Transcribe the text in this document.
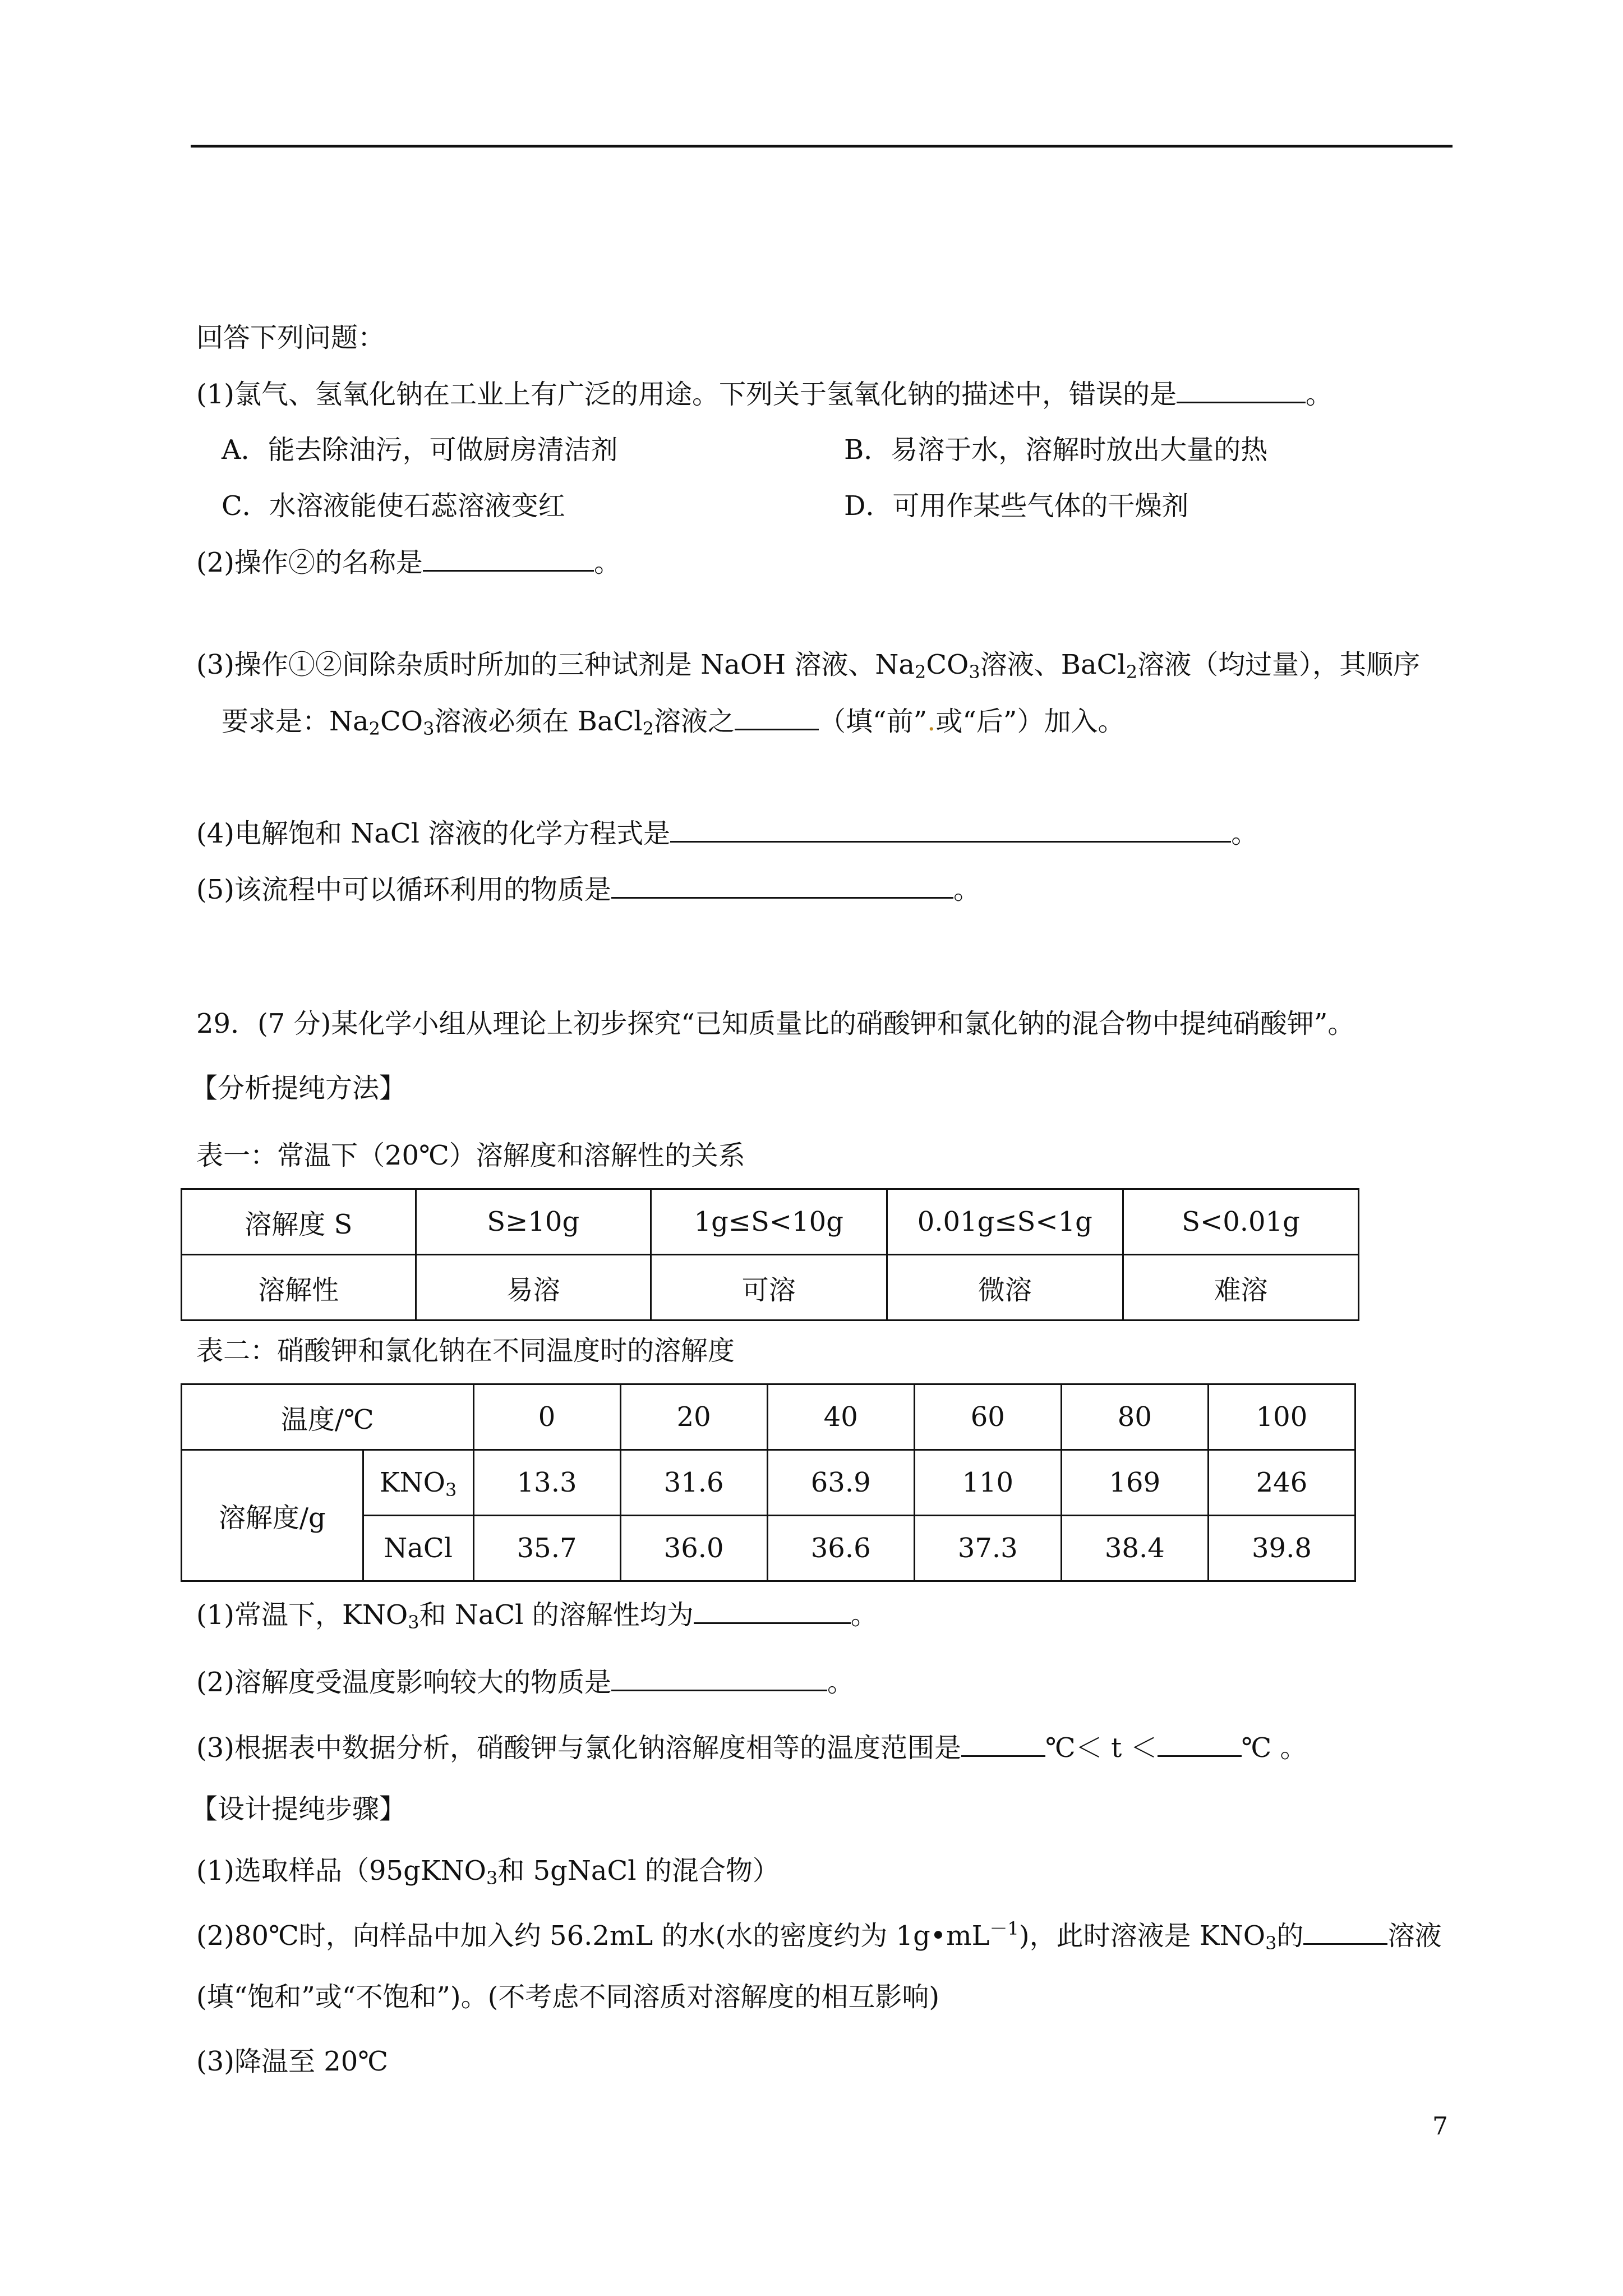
回答下列问题：
(1)氯气、氢氧化钠在工业上有广泛的用途。下列关于氢氧化钠的描述中，错误的是	。
A．能去除油污，可做厨房清洁剂	B．易溶于水，溶解时放出大量的热
C．水溶液能使石蕊溶液变红	D．可用作某些气体的干燥剂
(2)操作②的名称是	。
(3)操作①②间除杂质时所加的三种试剂是 NaOH 溶液、$Na_2CO_3$溶液、BaCl$_2$溶液（均过量），其顺序
要求是：$Na_2CO_3$溶液必须在 BaCl$_2$溶液之	（填“前”.或“后”）加入。
(4)电解饱和 NaCl 溶液的化学方程式是	。
(5)该流程中可以循环利用的物质是	。
29．(7 分)某化学小组从理论上初步探究“已知质量比的硝酸钾和氯化钠的混合物中提纯硝酸钾”。
【分析提纯方法】
表一：常温下（20℃）溶解度和溶解性的关系
溶解度 S	S≥10g	1g≤S<10g	0.01g≤S<1g	S<0.01g
溶解性	易溶	可溶	微溶	难溶
表二：硝酸钾和氯化钠在不同温度时的溶解度
温度/℃		0	20	40	60	80	100
溶解度/g	$KNO_3$	13.3	31.6	63.9	110	169	246
	NaCl	35.7	36.0	36.6	37.3	38.4	39.8
(1)常温下，$KNO_3$和 NaCl 的溶解性均为	。
(2)溶解度受温度影响较大的物质是	。
(3)根据表中数据分析，硝酸钾与氯化钠溶解度相等的温度范围是	℃＜ t ＜	℃ 。
【设计提纯步骤】
(1)选取样品（95gKNO$_3$和 5gNaCl 的混合物）
(2)80℃时，向样品中加入约 56.2mL 的水(水的密度约为 $1g•mL^{-1}$)，此时溶液是 $KNO_3$的	溶液
(填“饱和”或“不饱和”)。(不考虑不同溶质对溶解度的相互影响)
(3)降温至 20℃
7
